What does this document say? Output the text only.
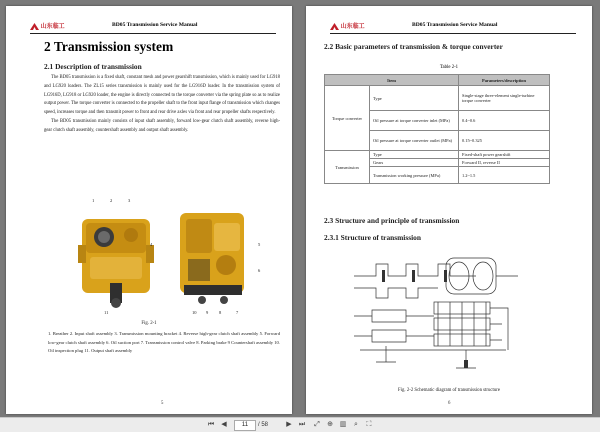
山东临工	BD05 Transmission Service Manual
2 Transmission system
2.1 Description of transmission

The BD05 transmission is a fixed shaft, constant mesh and power gearshift transmission, which is mainly used for LG918 and LG920 loaders. The ZL15 series transmission is mainly used for the LG916D loader. In the transmission system of LG916D, LG918 or LG920 loader, the engine is directly connected to the torque converter via the spring plate so as to realize output power. The torque converter is connected to the propeller shaft to the front input flange of transmission which changes speed, increases torque and then transmit power to front and rear drive axles via front and rear propeller shafts respectively.

The BD05 transmission mainly consists of input shaft assembly, forward low-gear clutch shaft assembly, reverse high-gear clutch shaft assembly, countershaft assembly and output shaft assembly.

1	2	3
4
11
5
6
7
8
9
10
Fig. 2-1
1. Breather 2. Input shaft assembly 3. Transmission mounting bracket 4. Reverse high-gear clutch shaft assembly 5. Forward low-gear clutch shaft assembly 6. Oil suction port 7. Transmission control valve 8. Parking brake 9 Countershaft assembly 10. Oil inspection plug 11. Output shaft assembly
5
山东临工	BD05 Transmission Service Manual
2.2 Basic parameters of transmission & torque converter
Table 2-1
Item		Parameters/description
Torque converter	Type	Single-stage three-element single-turbine torque converter
	Oil pressure at torque converter inlet (MPa)	0.4~0.6
	Oil pressure at torque converter outlet (MPa)	0.15~0.325
Transmission	Type	Fixed-shaft power gearshift
	Gears	Forward II, reverse II
	Transmission working pressure (MPa)	1.2~1.5
2.3 Structure and principle of transmission
2.3.1 Structure of transmission
Fig. 2-2 Schematic diagram of transmission structure
6
⏮	◀	11	/ 58	▶	⏭	⤢	⊕ ▥	⌕	⛶
